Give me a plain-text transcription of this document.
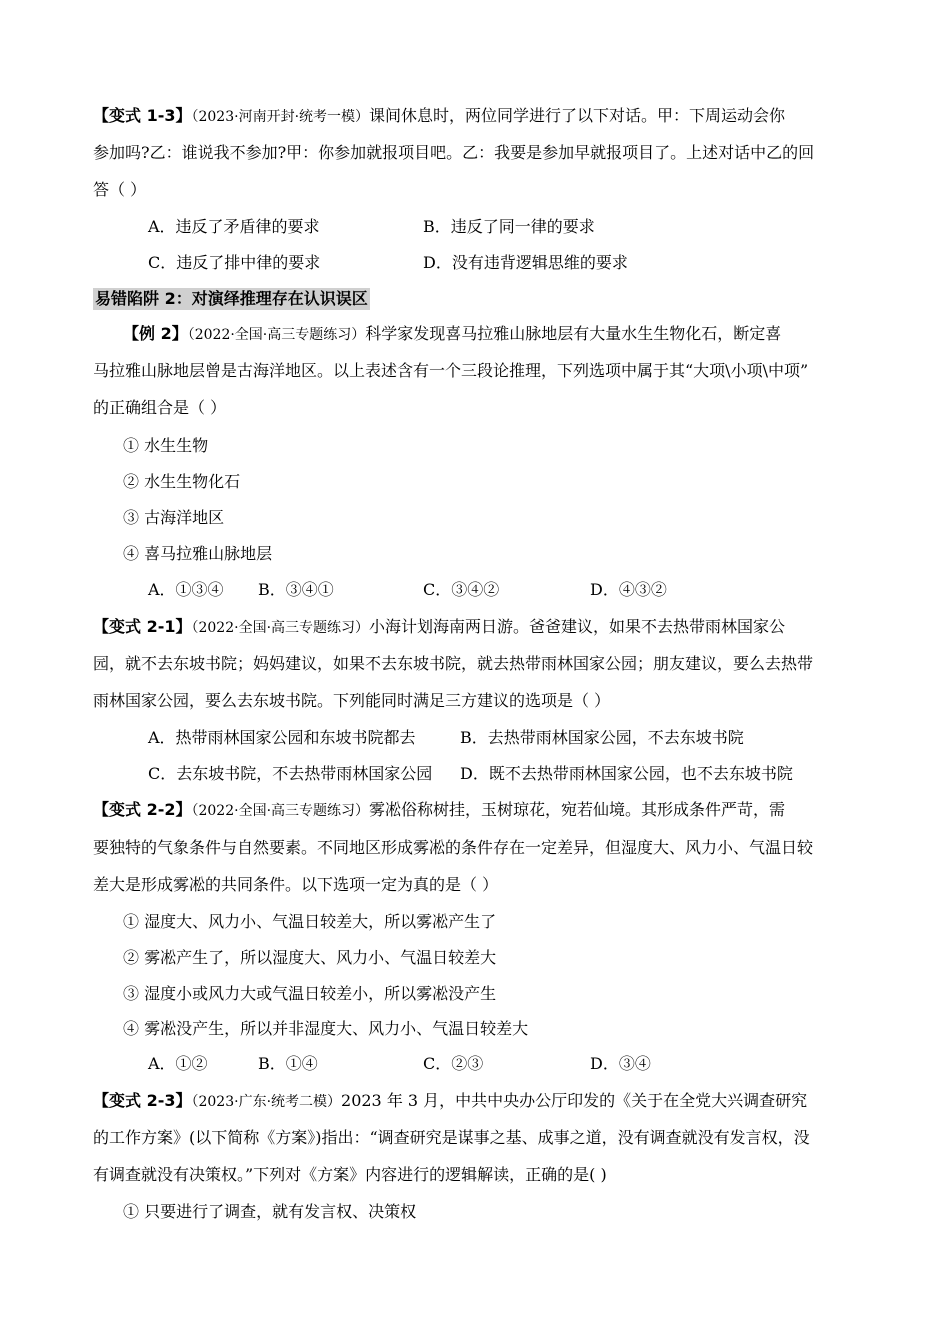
【变式 1-3】（2023·河南开封·统考一模）课间休息时，两位同学进行了以下对话。甲：下周运动会你
参加吗?乙：谁说我不参加?甲：你参加就报项目吧。乙：我要是参加早就报项目了。上述对话中乙的回
答（ ）
A．违反了矛盾律的要求	B．违反了同一律的要求
C．违反了排中律的要求	D．没有违背逻辑思维的要求
易错陷阱 2：对演绎推理存在认识误区
【例 2】（2022·全国·高三专题练习）科学家发现喜马拉雅山脉地层有大量水生生物化石，断定喜
马拉雅山脉地层曾是古海洋地区。以上表述含有一个三段论推理，下列选项中属于其“大项\小项\中项”
的正确组合是（ ）
① 水生生物
② 水生生物化石
③ 古海洋地区
④ 喜马拉雅山脉地层
A．①③④ B．③④①	C．③④②	D．④③②
【变式 2-1】（2022·全国·高三专题练习）小海计划海南两日游。爸爸建议，如果不去热带雨林国家公
园，就不去东坡书院；妈妈建议，如果不去东坡书院，就去热带雨林国家公园；朋友建议，要么去热带
雨林国家公园，要么去东坡书院。下列能同时满足三方建议的选项是（ ）
A．热带雨林国家公园和东坡书院都去	B．去热带雨林国家公园，不去东坡书院
C．去东坡书院，不去热带雨林国家公园 D．既不去热带雨林国家公园，也不去东坡书院
【变式 2-2】（2022·全国·高三专题练习）雾凇俗称树挂，玉树琼花，宛若仙境。其形成条件严苛，需
要独特的气象条件与自然要素。不同地区形成雾凇的条件存在一定差异，但湿度大、风力小、气温日较
差大是形成雾凇的共同条件。以下选项一定为真的是（ ）
① 湿度大、风力小、气温日较差大，所以雾凇产生了
② 雾凇产生了，所以湿度大、风力小、气温日较差大
③ 湿度小或风力大或气温日较差小，所以雾凇没产生
④ 雾凇没产生，所以并非湿度大、风力小、气温日较差大
A．①②	B．①④	C．②③	D．③④
【变式 2-3】（2023·广东·统考二模）2023 年 3 月，中共中央办公厅印发的《关于在全党大兴调查研究
的工作方案》(以下简称《方案》)指出：“调查研究是谋事之基、成事之道，没有调查就没有发言权，没
有调查就没有决策权。”下列对《方案》内容进行的逻辑解读，正确的是( )
① 只要进行了调查，就有发言权、决策权
